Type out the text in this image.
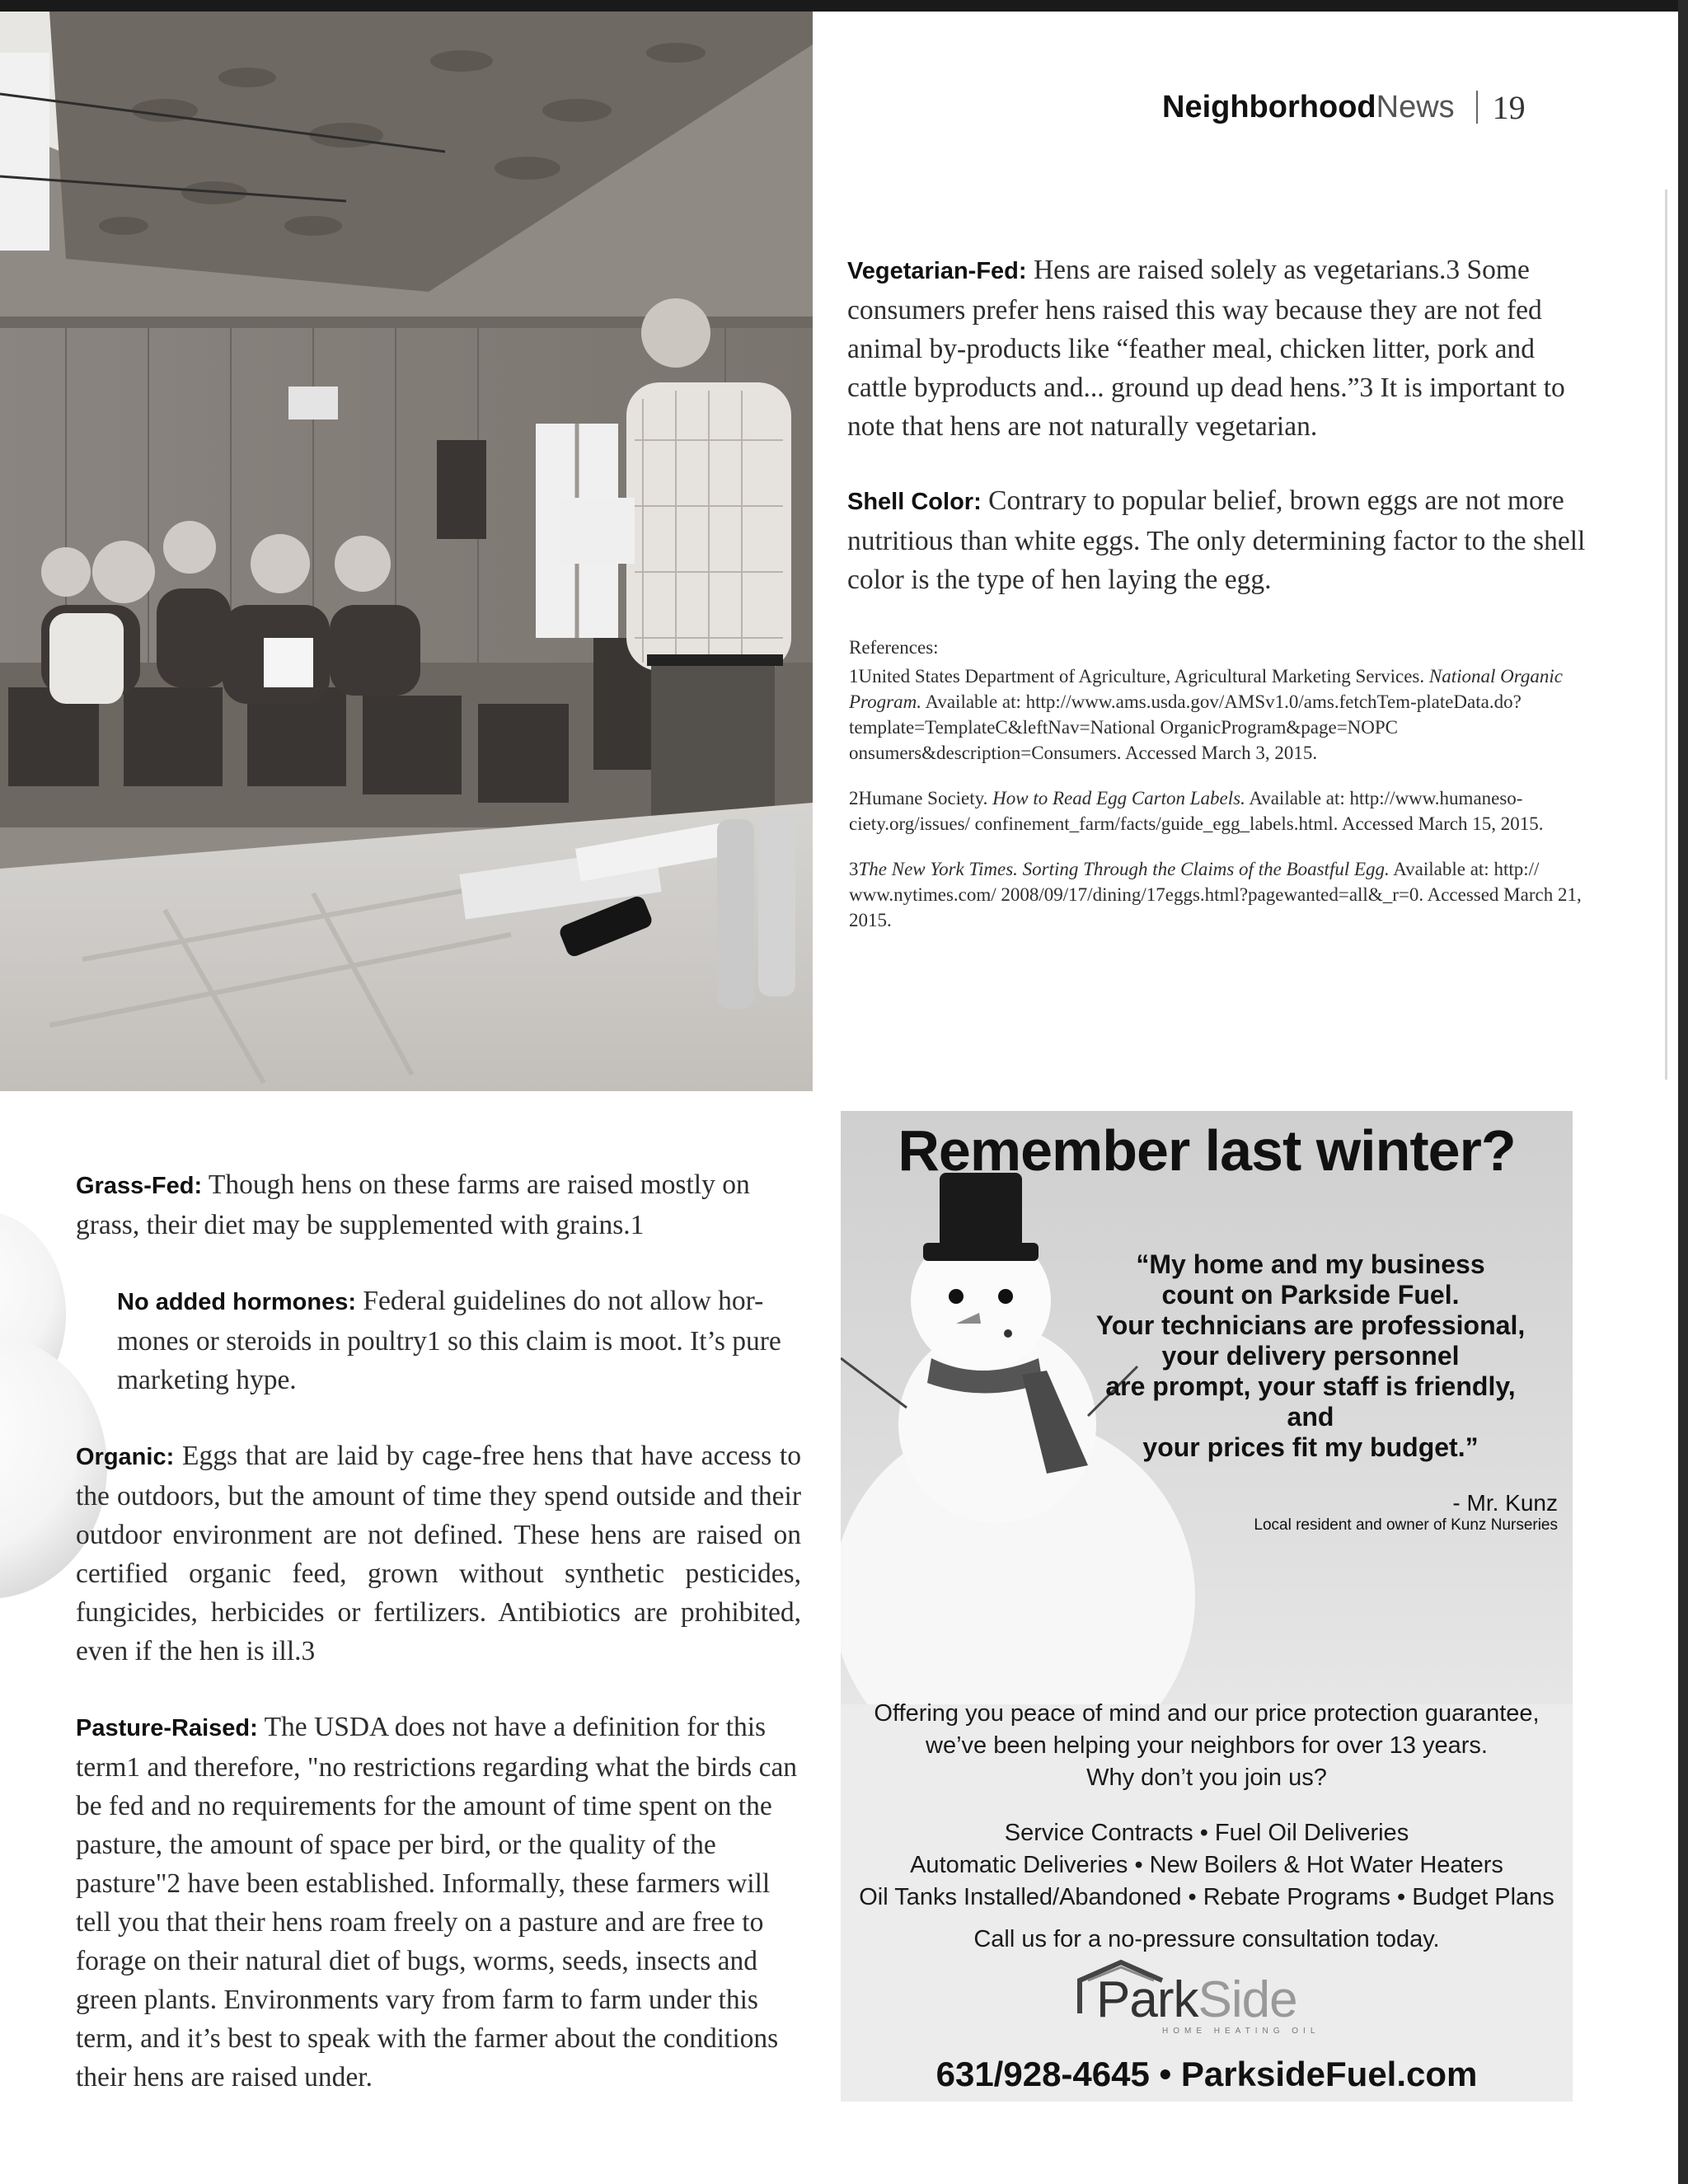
Neighborhood News 19
Vegetarian-Fed: Hens are raised solely as vegetarians.3 Some consumers prefer hens raised this way because they are not fed animal by-products like “feather meal, chicken litter, pork and cattle byproducts and... ground up dead hens.”3 It is important to note that hens are not naturally vegetarian.
Shell Color: Contrary to popular belief, brown eggs are not more nutritious than white eggs. The only determining factor to the shell color is the type of hen laying the egg.

References:

1United States Department of Agriculture, Agricultural Marketing Services. National Organic Program. Available at: http://www.ams.usda.gov/AMSv1.0/ams.fetchTem-plateData.do?template=TemplateC&leftNav=National OrganicProgram&page=NOPC onsumers&description=Consumers. Accessed March 3, 2015.

2Humane Society. How to Read Egg Carton Labels. Available at: http://www.humaneso-ciety.org/issues/ confinement_farm/facts/guide_egg_labels.html. Accessed March 15, 2015.

3The New York Times. Sorting Through the Claims of the Boastful Egg. Available at: http:// www.nytimes.com/ 2008/09/17/dining/17eggs.html?pagewanted=all&_r=0. Accessed March 21, 2015.

Grass-Fed: Though hens on these farms are raised mostly on grass, their diet may be supplemented with grains.1
No added hormones: Federal guidelines do not allow hor-mones or steroids in poultry1 so this claim is moot. It’s pure marketing hype.
Organic: Eggs that are laid by cage-free hens that have access to the outdoors, but the amount of time they spend outside and their outdoor environment are not defined. These hens are raised on certified organic feed, grown without synthetic pesticides, fungicides, herbicides or fertilizers. Antibiotics are prohibited, even if the hen is ill.3
Pasture-Raised: The USDA does not have a definition for this term1 and therefore, "no restrictions regarding what the birds can be fed and no requirements for the amount of time spent on the pasture, the amount of space per bird, or the quality of the pasture"2 have been established. Informally, these farmers will tell you that their hens roam freely on a pasture and are free to forage on their natural diet of bugs, worms, seeds, insects and green plants. Environments vary from farm to farm under this term, and it’s best to speak with the farmer about the conditions their hens are raised under.
Remember last winter?
“My home and my business
count on Parkside Fuel.
Your technicians are professional,
your delivery personnel
are prompt, your staff is friendly,
and
your prices fit my budget.”
- Mr. Kunz
Local resident and owner of Kunz Nurseries
Offering you peace of mind and our price protection guarantee,
we’ve been helping your neighbors for over 13 years.
Why don’t you join us?
Service Contracts • Fuel Oil Deliveries
Automatic Deliveries • New Boilers & Hot Water Heaters
Oil Tanks Installed/Abandoned • Rebate Programs • Budget Plans
Call us for a no-pressure consultation today.
ParkSide
HOME HEATING OIL
631/928-4645 • ParksideFuel.com
